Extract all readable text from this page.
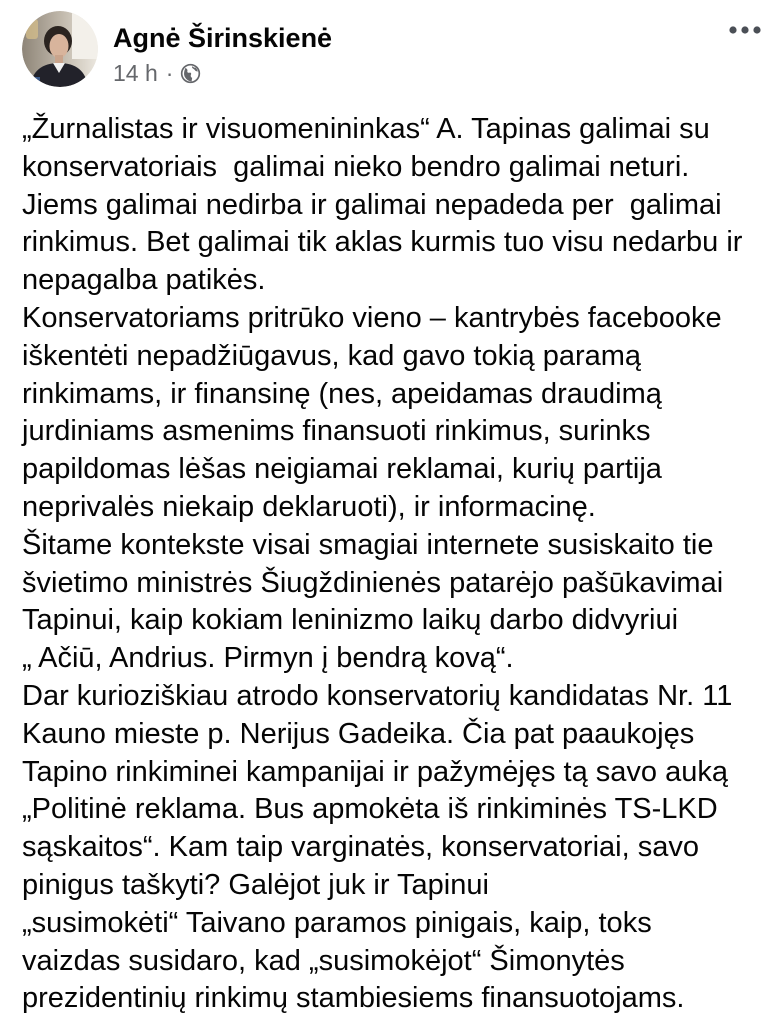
Agnė Širinskienė
14 h ·
„Žurnalistas ir visuomenininkas“ A. Tapinas galimai su
konservatoriais  galimai nieko bendro galimai neturi.
Jiems galimai nedirba ir galimai nepadeda per  galimai
rinkimus. Bet galimai tik aklas kurmis tuo visu nedarbu ir
nepagalba patikės.
Konservatoriams pritrūko vieno – kantrybės facebooke
iškentėti nepadžiūgavus, kad gavo tokią paramą
rinkimams, ir finansinę (nes, apeidamas draudimą
jurdiniams asmenims finansuoti rinkimus, surinks
papildomas lėšas neigiamai reklamai, kurių partija
neprivalės niekaip deklaruoti), ir informacinę.
Šitame kontekste visai smagiai internete susiskaito tie
švietimo ministrės Šiugždinienės patarėjo pašūkavimai
Tapinui, kaip kokiam leninizmo laikų darbo didvyriui
„ Ačiū, Andrius. Pirmyn į bendrą kovą“.
Dar kurioziškiau atrodo konservatorių kandidatas Nr. 11
Kauno mieste p. Nerijus Gadeika. Čia pat paaukojęs
Tapino rinkiminei kampanijai ir pažymėjęs tą savo auką
„Politinė reklama. Bus apmokėta iš rinkiminės TS-LKD
sąskaitos“. Kam taip varginatės, konservatoriai, savo
pinigus taškyti? Galėjot juk ir Tapinui
„susimokėti“ Taivano paramos pinigais, kaip, toks
vaizdas susidaro, kad „susimokėjot“ Šimonytės
prezidentinių rinkimų stambiesiems finansuotojams.
